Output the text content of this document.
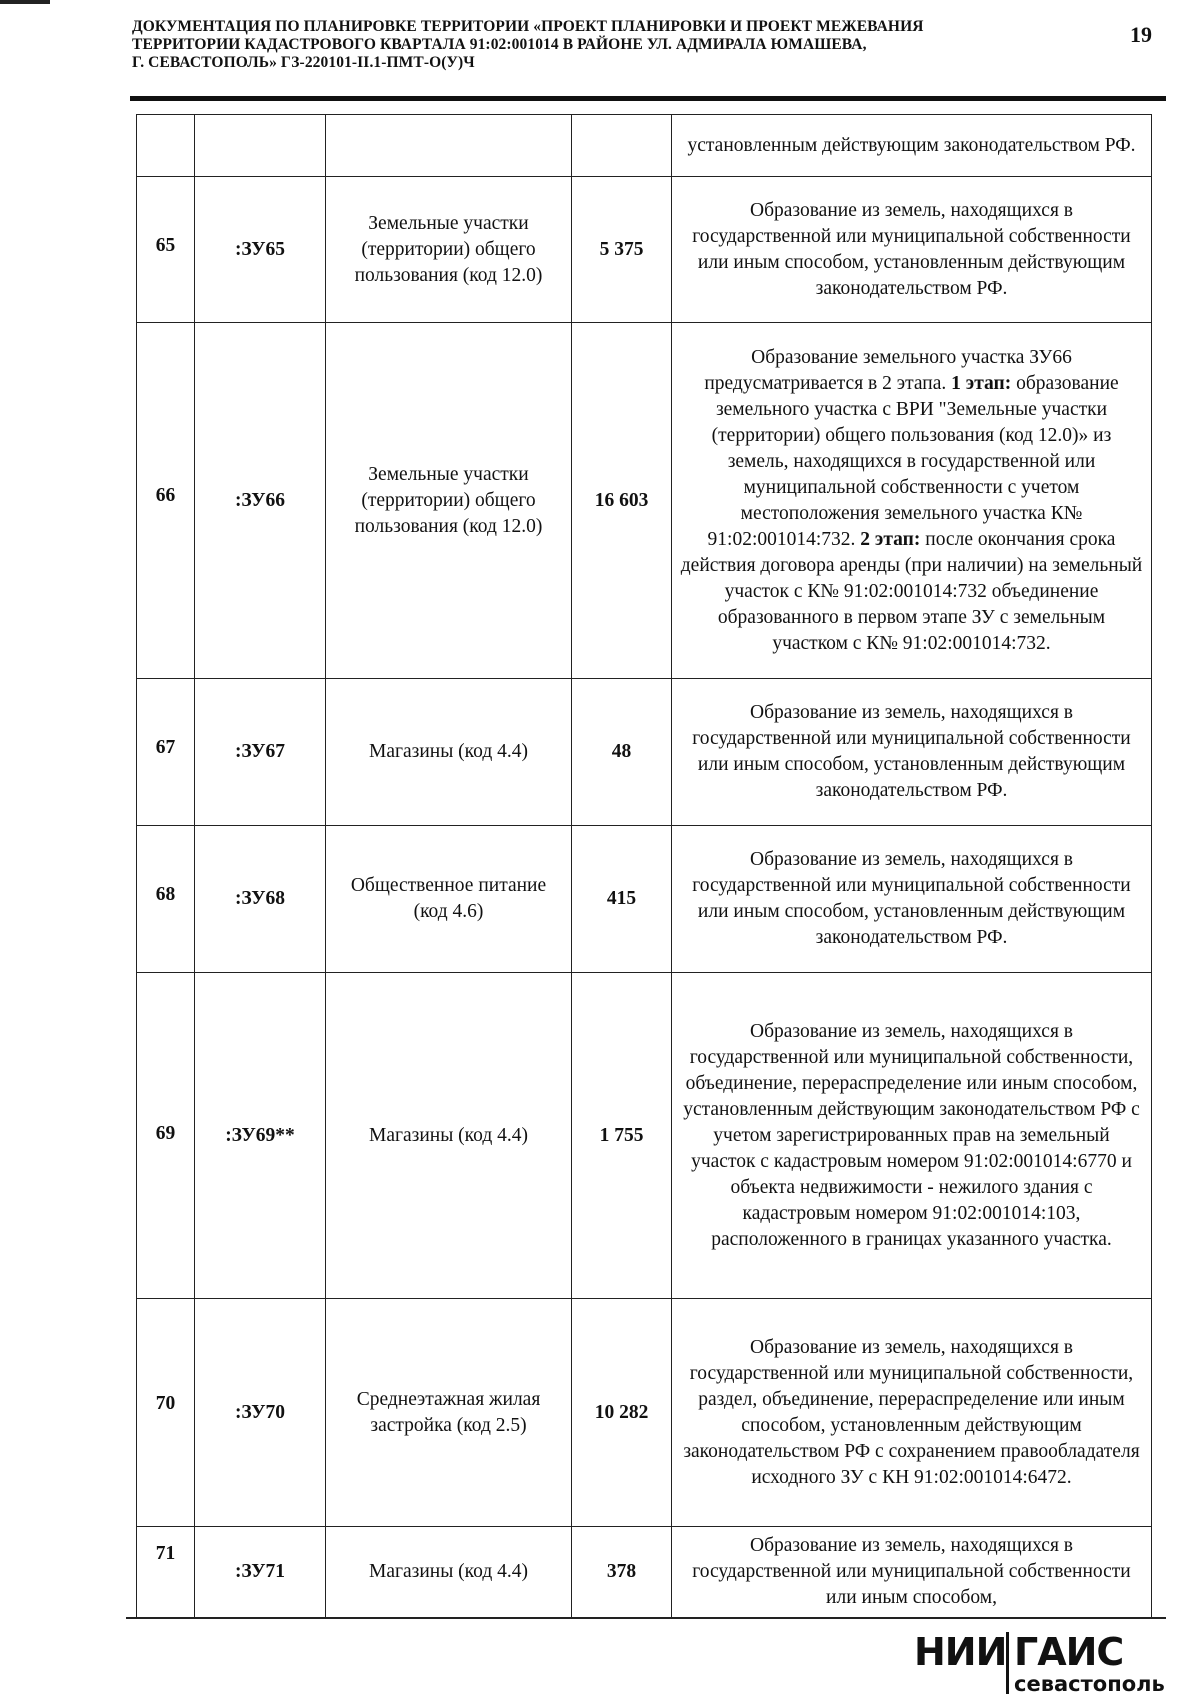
ДОКУМЕНТАЦИЯ ПО ПЛАНИРОВКЕ ТЕРРИТОРИИ «ПРОЕКТ ПЛАНИРОВКИ И ПРОЕКТ МЕЖЕВАНИЯ
ТЕРРИТОРИИ КАДАСТРОВОГО КВАРТАЛА 91:02:001014 В РАЙОНЕ УЛ. АДМИРАЛА ЮМАШЕВА,
Г. СЕВАСТОПОЛЬ» ГЗ-220101-II.1-ПМТ-О(У)Ч
19
				установленным действующим законодательством РФ.
65	:ЗУ65	Земельные участки (территории) общего пользования (код 12.0)	5 375	Образование из земель, находящихся в государственной или муниципальной собственности или иным способом, установленным действующим законодательством РФ.
66	:ЗУ66	Земельные участки (территории) общего пользования (код 12.0)	16 603	Образование земельного участка ЗУ66 предусматривается в 2 этапа. 1 этап: образование земельного участка с ВРИ "Земельные участки (территории) общего пользования (код 12.0)» из земель, находящихся в государственной или муниципальной собственности с учетом местоположения земельного участка К№ 91:02:001014:732. 2 этап: после окончания срока действия договора аренды (при наличии) на земельный участок с К№ 91:02:001014:732 объединение образованного в первом этапе ЗУ с земельным участком с К№ 91:02:001014:732.
67	:ЗУ67	Магазины (код 4.4)	48	Образование из земель, находящихся в государственной или муниципальной собственности или иным способом, установленным действующим законодательством РФ.
68	:ЗУ68	Общественное питание (код 4.6)	415	Образование из земель, находящихся в государственной или муниципальной собственности или иным способом, установленным действующим законодательством РФ.
69	:ЗУ69**	Магазины (код 4.4)	1 755	Образование из земель, находящихся в государственной или муниципальной собственности, объединение, перераспределение или иным способом, установленным действующим законодательством РФ с учетом зарегистрированных прав на земельный участок с кадастровым номером 91:02:001014:6770 и объекта недвижимости - нежилого здания с кадастровым номером 91:02:001014:103, расположенного в границах указанного участка.
70	:ЗУ70	Среднеэтажная жилая застройка (код 2.5)	10 282	Образование из земель, находящихся в государственной или муниципальной собственности, раздел, объединение, перераспределение или иным способом, установленным действующим законодательством РФ с сохранением правообладателя исходного ЗУ с КН 91:02:001014:6472.
71	:ЗУ71	Магазины (код 4.4)	378	Образование из земель, находящихся в государственной или муниципальной собственности или иным способом,
НИИ ГАИС
севастополь
